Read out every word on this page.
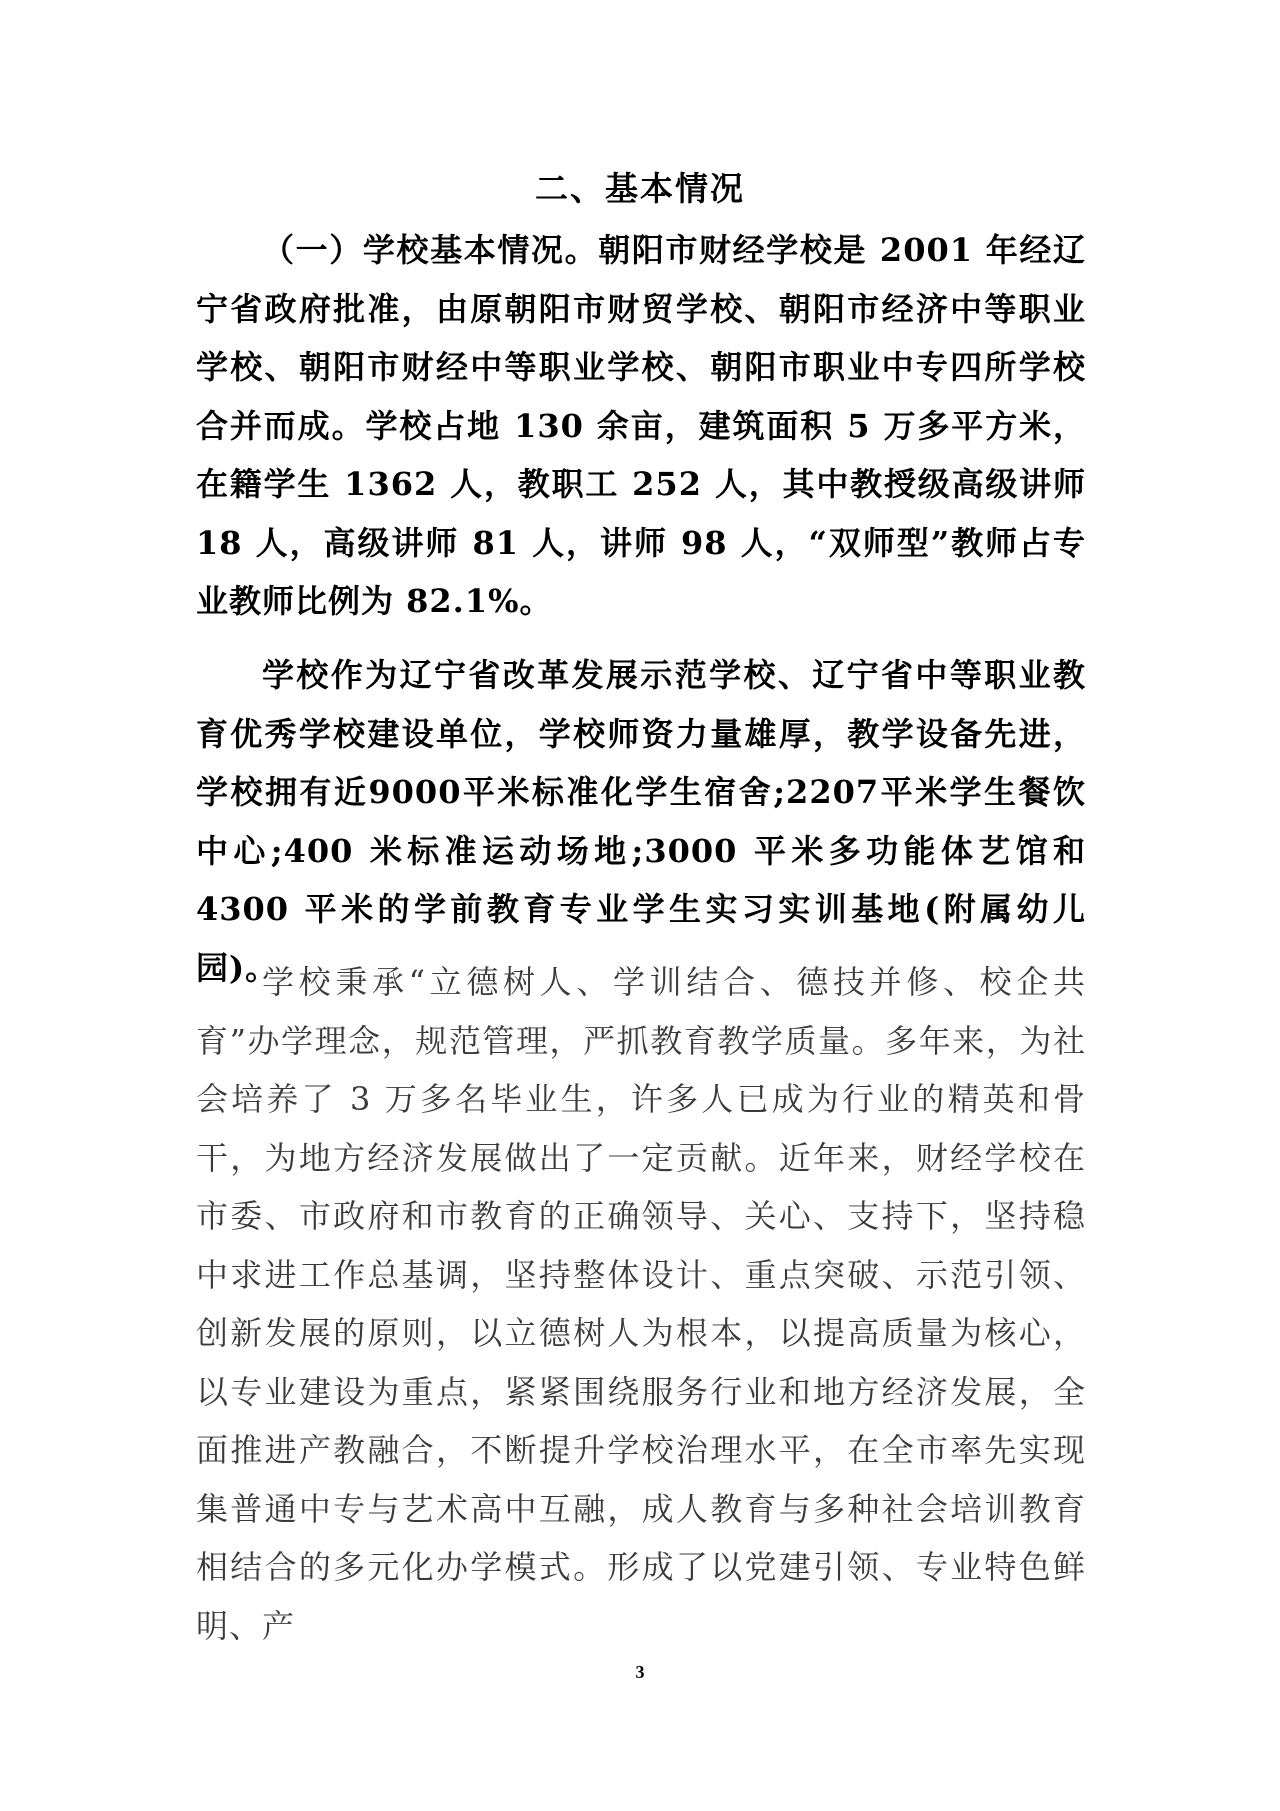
二、基本情况

（一）学校基本情况。朝阳市财经学校是 2001 年经辽宁省政府批准，由原朝阳市财贸学校、朝阳市经济中等职业学校、朝阳市财经中等职业学校、朝阳市职业中专四所学校合并而成。学校占地 130 余亩，建筑面积 5 万多平方米，在籍学生 1362 人，教职工 252 人，其中教授级高级讲师 18 人，高级讲师 81 人，讲师 98 人，“双师型”教师占专业教师比例为 82.1%。

学校作为辽宁省改革发展示范学校、辽宁省中等职业教育优秀学校建设单位，学校师资力量雄厚，教学设备先进，学校拥有近9000平米标准化学生宿舍;2207平米学生餐饮中心;400 米标准运动场地;3000 平米多功能体艺馆和 4300 平米的学前教育专业学生实习实训基地(附属幼儿园)。

学校秉承“立德树人、学训结合、德技并修、校企共育”办学理念，规范管理，严抓教育教学质量。多年来，为社会培养了 3 万多名毕业生，许多人已成为行业的精英和骨干，为地方经济发展做出了一定贡献。近年来，财经学校在市委、市政府和市教育的正确领导、关心、支持下，坚持稳中求进工作总基调，坚持整体设计、重点突破、示范引领、创新发展的原则，以立德树人为根本，以提高质量为核心，以专业建设为重点，紧紧围绕服务行业和地方经济发展，全面推进产教融合，不断提升学校治理水平，在全市率先实现集普通中专与艺术高中互融，成人教育与多种社会培训教育相结合的多元化办学模式。形成了以党建引领、专业特色鲜明、产

3
